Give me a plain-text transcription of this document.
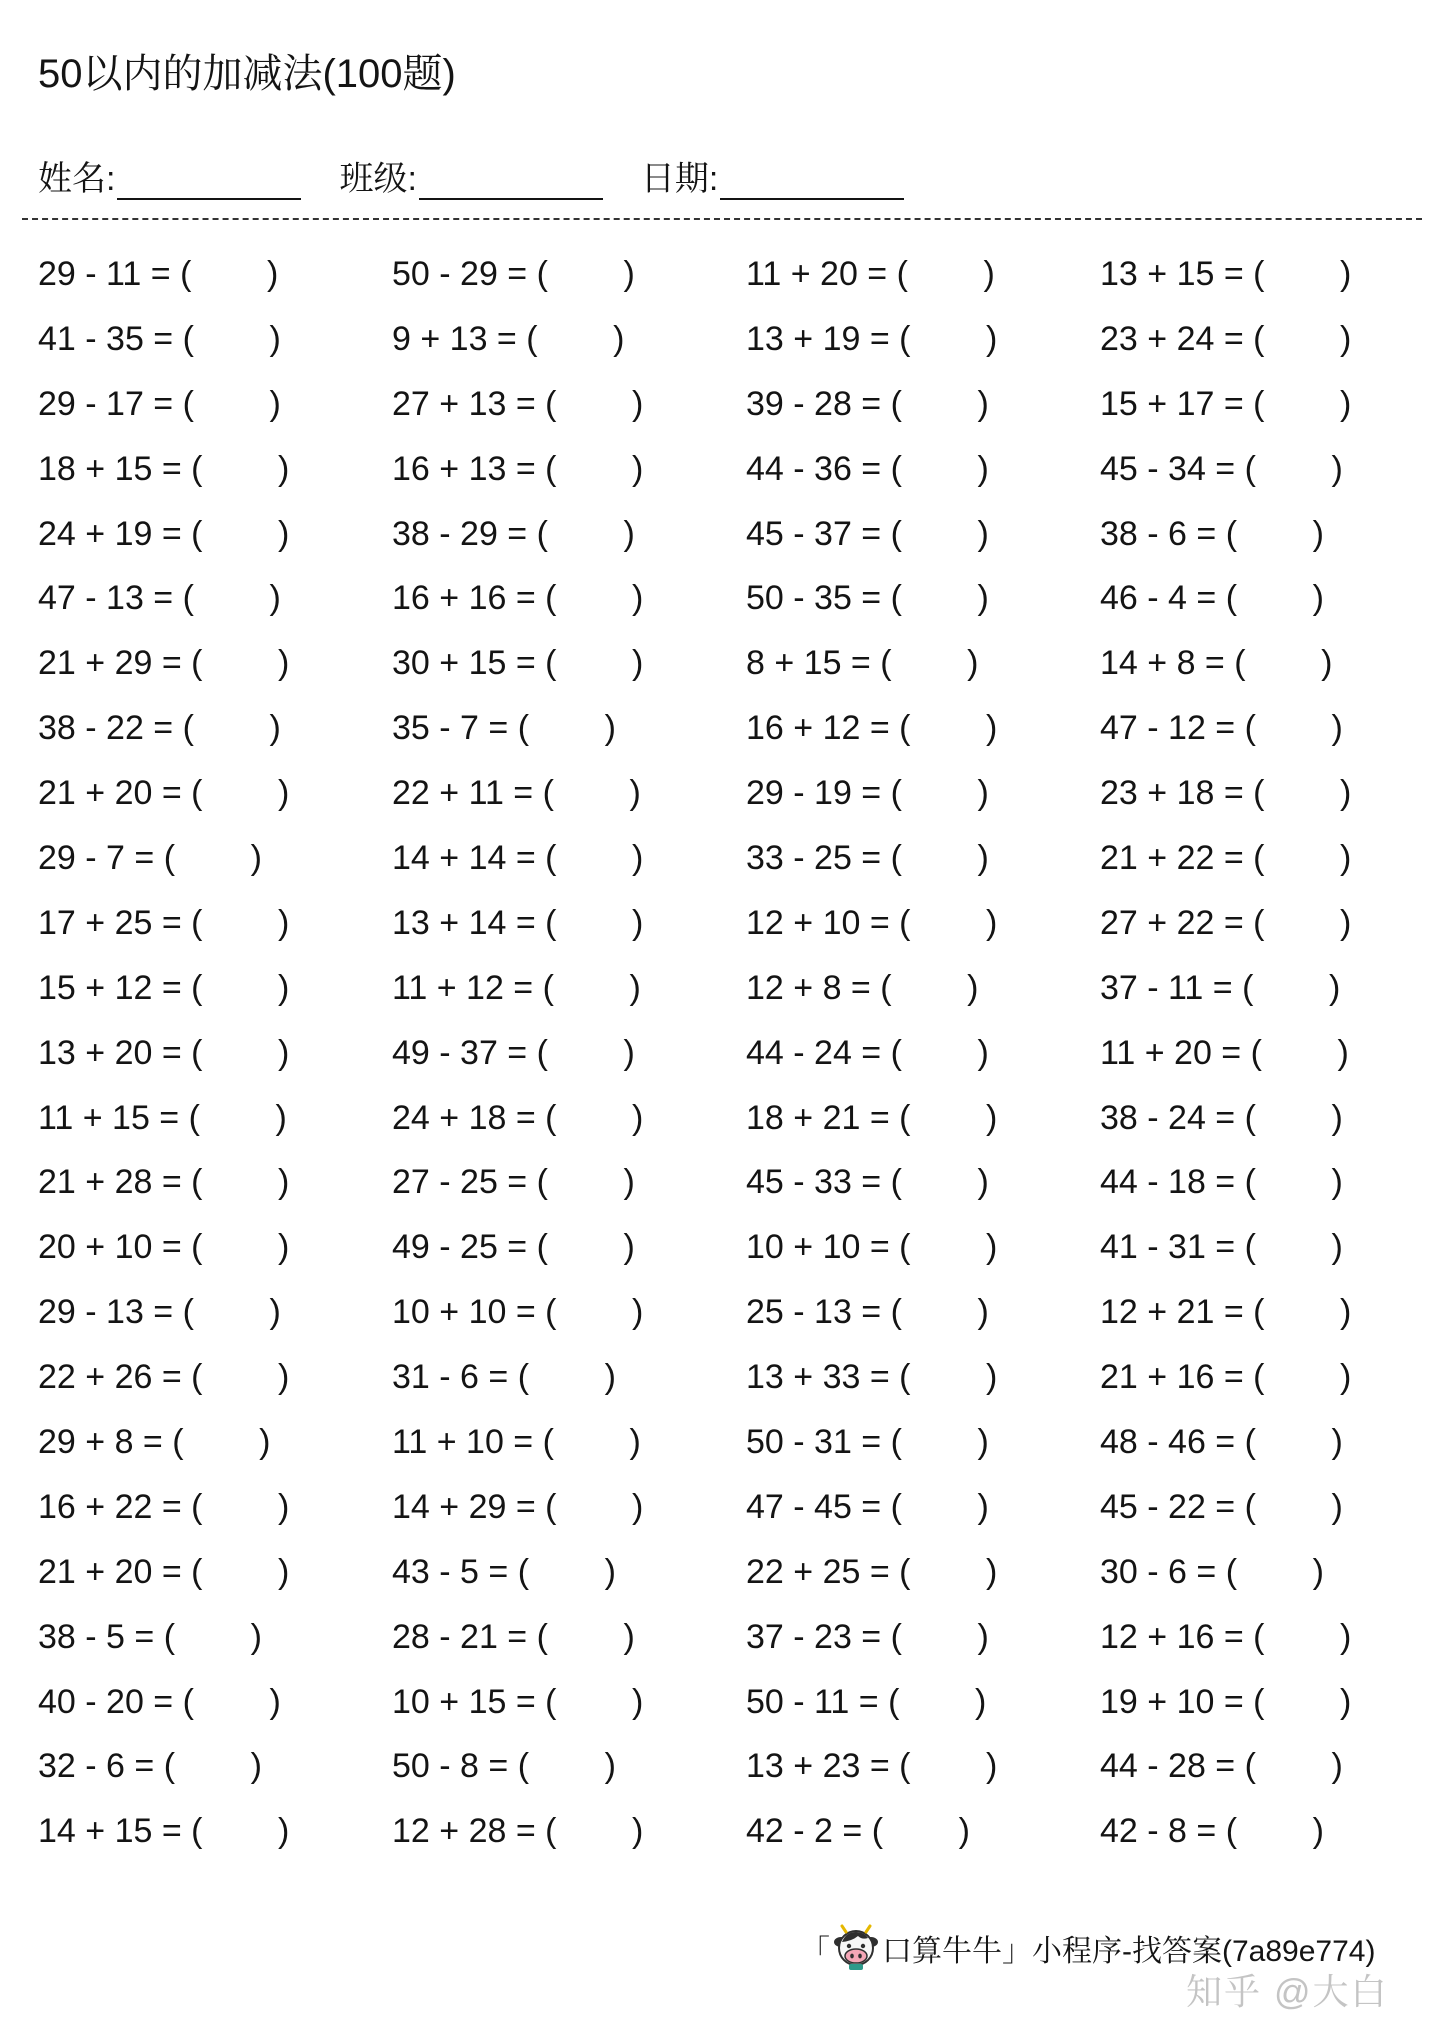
50以内的加减法(100题)
姓名:	班级:	日期:
29 - 11 = (        )	50 - 29 = (        )	11 + 20 = (        )	13 + 15 = (        )
41 - 35 = (        )	9 + 13 = (        )	13 + 19 = (        )	23 + 24 = (        )
29 - 17 = (        )	27 + 13 = (        )	39 - 28 = (        )	15 + 17 = (        )
18 + 15 = (        )	16 + 13 = (        )	44 - 36 = (        )	45 - 34 = (        )
24 + 19 = (        )	38 - 29 = (        )	45 - 37 = (        )	38 - 6 = (        )
47 - 13 = (        )	16 + 16 = (        )	50 - 35 = (        )	46 - 4 = (        )
21 + 29 = (        )	30 + 15 = (        )	8 + 15 = (        )	14 + 8 = (        )
38 - 22 = (        )	35 - 7 = (        )	16 + 12 = (        )	47 - 12 = (        )
21 + 20 = (        )	22 + 11 = (        )	29 - 19 = (        )	23 + 18 = (        )
29 - 7 = (        )	14 + 14 = (        )	33 - 25 = (        )	21 + 22 = (        )
17 + 25 = (        )	13 + 14 = (        )	12 + 10 = (        )	27 + 22 = (        )
15 + 12 = (        )	11 + 12 = (        )	12 + 8 = (        )	37 - 11 = (        )
13 + 20 = (        )	49 - 37 = (        )	44 - 24 = (        )	11 + 20 = (        )
11 + 15 = (        )	24 + 18 = (        )	18 + 21 = (        )	38 - 24 = (        )
21 + 28 = (        )	27 - 25 = (        )	45 - 33 = (        )	44 - 18 = (        )
20 + 10 = (        )	49 - 25 = (        )	10 + 10 = (        )	41 - 31 = (        )
29 - 13 = (        )	10 + 10 = (        )	25 - 13 = (        )	12 + 21 = (        )
22 + 26 = (        )	31 - 6 = (        )	13 + 33 = (        )	21 + 16 = (        )
29 + 8 = (        )	11 + 10 = (        )	50 - 31 = (        )	48 - 46 = (        )
16 + 22 = (        )	14 + 29 = (        )	47 - 45 = (        )	45 - 22 = (        )
21 + 20 = (        )	43 - 5 = (        )	22 + 25 = (        )	30 - 6 = (        )
38 - 5 = (        )	28 - 21 = (        )	37 - 23 = (        )	12 + 16 = (        )
40 - 20 = (        )	10 + 15 = (        )	50 - 11 = (        )	19 + 10 = (        )
32 - 6 = (        )	50 - 8 = (        )	13 + 23 = (        )	44 - 28 = (        )
14 + 15 = (        )	12 + 28 = (        )	42 - 2 = (        )	42 - 8 = (        )
「 口算牛牛 」小程序-找答案(7a89e774)
知乎 @大白
